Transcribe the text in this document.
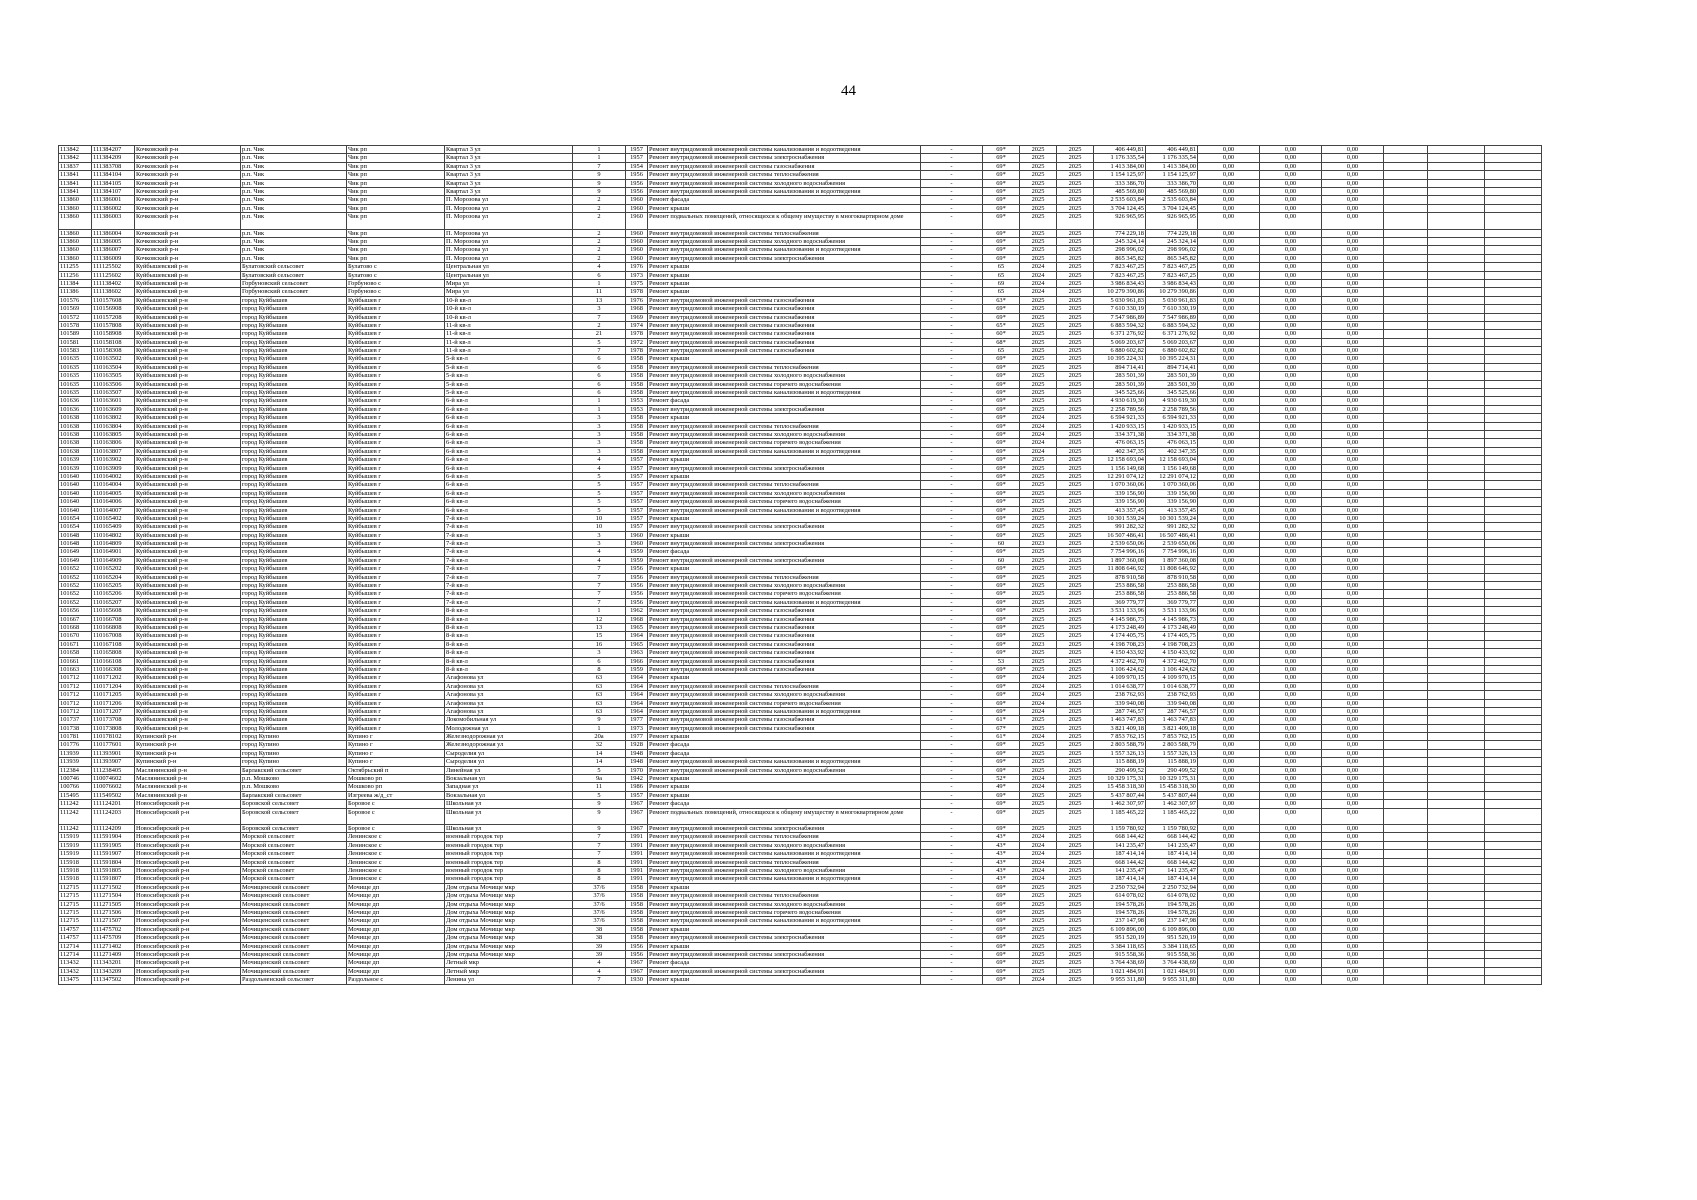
44
113842	111384207	Кочковский р-н	р.п. Чик	Чик рп	Квартал 3 ул	1	1957	Ремонт внутридомовой инженерной системы канализования и водоотведения	-	69*	2025	2025	406 449,81	406 449,81	0,00	0,00	0,00			
113842	111384209	Кочковский р-н	р.п. Чик	Чик рп	Квартал 3 ул	1	1957	Ремонт внутридомовой инженерной системы электроснабжения	-	69*	2025	2025	1 176 335,54	1 176 335,54	0,00	0,00	0,00			
113837	111383708	Кочковский р-н	р.п. Чик	Чик рп	Квартал 3 ул	7	1954	Ремонт внутридомовой инженерной системы газоснабжения	-	69*	2025	2025	1 413 384,00	1 413 384,00	0,00	0,00	0,00			
113841	111384104	Кочковский р-н	р.п. Чик	Чик рп	Квартал 3 ул	9	1956	Ремонт внутридомовой инженерной системы теплоснабжения	-	69*	2025	2025	1 154 125,97	1 154 125,97	0,00	0,00	0,00			
113841	111384105	Кочковский р-н	р.п. Чик	Чик рп	Квартал 3 ул	9	1956	Ремонт внутридомовой инженерной системы холодного водоснабжения	-	69*	2025	2025	333 386,70	333 386,70	0,00	0,00	0,00			
113841	111384107	Кочковский р-н	р.п. Чик	Чик рп	Квартал 3 ул	9	1956	Ремонт внутридомовой инженерной системы канализования и водоотведения	-	69*	2025	2025	485 569,80	485 569,80	0,00	0,00	0,00			
113860	111386001	Кочковский р-н	р.п. Чик	Чик рп	П. Морозова ул	2	1960	Ремонт фасада	-	69*	2025	2025	2 535 603,84	2 535 603,84	0,00	0,00	0,00			
113860	111386002	Кочковский р-н	р.п. Чик	Чик рп	П. Морозова ул	2	1960	Ремонт крыши	-	69*	2025	2025	3 704 124,45	3 704 124,45	0,00	0,00	0,00			
113860	111386003	Кочковский р-н	р.п. Чик	Чик рп	П. Морозова ул	2	1960	Ремонт подвальных помещений, относящихся к общему имуществу в многоквартирном доме	-	69*	2025	2025	926 965,95	926 965,95	0,00	0,00	0,00			
113860	111386004	Кочковский р-н	р.п. Чик	Чик рп	П. Морозова ул	2	1960	Ремонт внутридомовой инженерной системы теплоснабжения	-	69*	2025	2025	774 229,18	774 229,18	0,00	0,00	0,00			
113860	111386005	Кочковский р-н	р.п. Чик	Чик рп	П. Морозова ул	2	1960	Ремонт внутридомовой инженерной системы холодного водоснабжения	-	69*	2025	2025	245 324,14	245 324,14	0,00	0,00	0,00			
113860	111386007	Кочковский р-н	р.п. Чик	Чик рп	П. Морозова ул	2	1960	Ремонт внутридомовой инженерной системы канализования и водоотведения	-	69*	2025	2025	298 996,02	298 996,02	0,00	0,00	0,00			
113860	111386009	Кочковский р-н	р.п. Чик	Чик рп	П. Морозова ул	2	1960	Ремонт внутридомовой инженерной системы электроснабжения	-	69*	2025	2025	865 345,82	865 345,82	0,00	0,00	0,00			
111255	111125502	Куйбышевский р-н	Булатовский сельсовет	Булатово с	Центральная ул	4	1976	Ремонт крыши	-	65	2024	2025	7 823 467,25	7 823 467,25	0,00	0,00	0,00			
111256	111125602	Куйбышевский р-н	Булатовский сельсовет	Булатово с	Центральная ул	6	1973	Ремонт крыши	-	65	2024	2025	7 823 467,25	7 823 467,25	0,00	0,00	0,00			
111384	111138402	Куйбышевский р-н	Горбуновский сельсовет	Горбуново с	Мира ул	1	1975	Ремонт крыши	-	69	2024	2025	3 986 834,43	3 986 834,43	0,00	0,00	0,00			
111386	111138602	Куйбышевский р-н	Горбуновский сельсовет	Горбуново с	Мира ул	11	1978	Ремонт крыши	-	65	2024	2025	10 279 390,86	10 279 390,86	0,00	0,00	0,00			
101576	110157608	Куйбышевский р-н	город Куйбышев	Куйбышев г	10-й кв-л	13	1976	Ремонт внутридомовой инженерной системы газоснабжения	-	63*	2025	2025	5 030 961,83	5 030 961,83	0,00	0,00	0,00			
101569	110156908	Куйбышевский р-н	город Куйбышев	Куйбышев г	10-й кв-л	3	1968	Ремонт внутридомовой инженерной системы газоснабжения	-	69*	2025	2025	7 610 330,19	7 610 330,19	0,00	0,00	0,00			
101572	110157208	Куйбышевский р-н	город Куйбышев	Куйбышев г	10-й кв-л	7	1969	Ремонт внутридомовой инженерной системы газоснабжения	-	69*	2025	2025	7 547 986,89	7 547 986,89	0,00	0,00	0,00			
101578	110157808	Куйбышевский р-н	город Куйбышев	Куйбышев г	11-й кв-л	2	1974	Ремонт внутридомовой инженерной системы газоснабжения	-	65*	2025	2025	6 883 594,32	6 883 594,32	0,00	0,00	0,00			
101589	110158908	Куйбышевский р-н	город Куйбышев	Куйбышев г	11-й кв-л	21	1978	Ремонт внутридомовой инженерной системы газоснабжения	-	60*	2025	2025	6 371 276,92	6 371 276,92	0,00	0,00	0,00			
101581	110158108	Куйбышевский р-н	город Куйбышев	Куйбышев г	11-й кв-л	5	1972	Ремонт внутридомовой инженерной системы газоснабжения	-	68*	2025	2025	5 069 203,67	5 069 203,67	0,00	0,00	0,00			
101583	110158308	Куйбышевский р-н	город Куйбышев	Куйбышев г	11-й кв-л	7	1978	Ремонт внутридомовой инженерной системы газоснабжения	-	65	2025	2025	6 880 602,82	6 880 602,82	0,00	0,00	0,00			
101635	110163502	Куйбышевский р-н	город Куйбышев	Куйбышев г	5-й кв-л	6	1958	Ремонт крыши	-	69*	2025	2025	10 395 224,31	10 395 224,31	0,00	0,00	0,00			
101635	110163504	Куйбышевский р-н	город Куйбышев	Куйбышев г	5-й кв-л	6	1958	Ремонт внутридомовой инженерной системы теплоснабжения	-	69*	2025	2025	894 714,41	894 714,41	0,00	0,00	0,00			
101635	110163505	Куйбышевский р-н	город Куйбышев	Куйбышев г	5-й кв-л	6	1958	Ремонт внутридомовой инженерной системы холодного водоснабжения	-	69*	2025	2025	283 501,39	283 501,39	0,00	0,00	0,00			
101635	110163506	Куйбышевский р-н	город Куйбышев	Куйбышев г	5-й кв-л	6	1958	Ремонт внутридомовой инженерной системы горячего водоснабжения	-	69*	2025	2025	283 501,39	283 501,39	0,00	0,00	0,00			
101635	110163507	Куйбышевский р-н	город Куйбышев	Куйбышев г	5-й кв-л	6	1958	Ремонт внутридомовой инженерной системы канализования и водоотведения	-	69*	2025	2025	345 525,66	345 525,66	0,00	0,00	0,00			
101636	110163601	Куйбышевский р-н	город Куйбышев	Куйбышев г	6-й кв-л	1	1953	Ремонт фасада	-	69*	2025	2025	4 930 619,30	4 930 619,30	0,00	0,00	0,00			
101636	110163609	Куйбышевский р-н	город Куйбышев	Куйбышев г	6-й кв-л	1	1953	Ремонт внутридомовой инженерной системы электроснабжения	-	69*	2025	2025	2 258 789,56	2 258 789,56	0,00	0,00	0,00			
101638	110163802	Куйбышевский р-н	город Куйбышев	Куйбышев г	6-й кв-л	3	1958	Ремонт крыши	-	69*	2024	2025	6 594 921,33	6 594 921,33	0,00	0,00	0,00			
101638	110163804	Куйбышевский р-н	город Куйбышев	Куйбышев г	6-й кв-л	3	1958	Ремонт внутридомовой инженерной системы теплоснабжения	-	69*	2024	2025	1 420 933,15	1 420 933,15	0,00	0,00	0,00			
101638	110163805	Куйбышевский р-н	город Куйбышев	Куйбышев г	6-й кв-л	3	1958	Ремонт внутридомовой инженерной системы холодного водоснабжения	-	69*	2024	2025	334 371,38	334 371,38	0,00	0,00	0,00			
101638	110163806	Куйбышевский р-н	город Куйбышев	Куйбышев г	6-й кв-л	3	1958	Ремонт внутридомовой инженерной системы горячего водоснабжения	-	69*	2024	2025	476 063,15	476 063,15	0,00	0,00	0,00			
101638	110163807	Куйбышевский р-н	город Куйбышев	Куйбышев г	6-й кв-л	3	1958	Ремонт внутридомовой инженерной системы канализования и водоотведения	-	69*	2024	2025	402 347,35	402 347,35	0,00	0,00	0,00			
101639	110163902	Куйбышевский р-н	город Куйбышев	Куйбышев г	6-й кв-л	4	1957	Ремонт крыши	-	69*	2025	2025	12 158 693,04	12 158 693,04	0,00	0,00	0,00			
101639	110163909	Куйбышевский р-н	город Куйбышев	Куйбышев г	6-й кв-л	4	1957	Ремонт внутридомовой инженерной системы электроснабжения	-	69*	2025	2025	1 156 149,68	1 156 149,68	0,00	0,00	0,00			
101640	110164002	Куйбышевский р-н	город Куйбышев	Куйбышев г	6-й кв-л	5	1957	Ремонт крыши	-	69*	2025	2025	12 291 074,12	12 291 074,12	0,00	0,00	0,00			
101640	110164004	Куйбышевский р-н	город Куйбышев	Куйбышев г	6-й кв-л	5	1957	Ремонт внутридомовой инженерной системы теплоснабжения	-	69*	2025	2025	1 070 360,06	1 070 360,06	0,00	0,00	0,00			
101640	110164005	Куйбышевский р-н	город Куйбышев	Куйбышев г	6-й кв-л	5	1957	Ремонт внутридомовой инженерной системы холодного водоснабжения	-	69*	2025	2025	339 156,90	339 156,90	0,00	0,00	0,00			
101640	110164006	Куйбышевский р-н	город Куйбышев	Куйбышев г	6-й кв-л	5	1957	Ремонт внутридомовой инженерной системы горячего водоснабжения	-	69*	2025	2025	339 156,90	339 156,90	0,00	0,00	0,00			
101640	110164007	Куйбышевский р-н	город Куйбышев	Куйбышев г	6-й кв-л	5	1957	Ремонт внутридомовой инженерной системы канализования и водоотведения	-	69*	2025	2025	413 357,45	413 357,45	0,00	0,00	0,00			
101654	110165402	Куйбышевский р-н	город Куйбышев	Куйбышев г	7-й кв-л	10	1957	Ремонт крыши	-	69*	2025	2025	10 301 539,24	10 301 539,24	0,00	0,00	0,00			
101654	110165409	Куйбышевский р-н	город Куйбышев	Куйбышев г	7-й кв-л	10	1957	Ремонт внутридомовой инженерной системы электроснабжения	-	69*	2025	2025	991 282,32	991 282,32	0,00	0,00	0,00			
101648	110164802	Куйбышевский р-н	город Куйбышев	Куйбышев г	7-й кв-л	3	1960	Ремонт крыши	-	69*	2025	2025	16 507 486,41	16 507 486,41	0,00	0,00	0,00			
101648	110164809	Куйбышевский р-н	город Куйбышев	Куйбышев г	7-й кв-л	3	1960	Ремонт внутридомовой инженерной системы электроснабжения	-	60	2023	2025	2 539 650,06	2 539 650,06	0,00	0,00	0,00			
101649	110164901	Куйбышевский р-н	город Куйбышев	Куйбышев г	7-й кв-л	4	1959	Ремонт фасада	-	69*	2025	2025	7 754 996,16	7 754 996,16	0,00	0,00	0,00			
101649	110164909	Куйбышевский р-н	город Куйбышев	Куйбышев г	7-й кв-л	4	1959	Ремонт внутридомовой инженерной системы электроснабжения	-	60	2025	2025	1 897 360,08	1 897 360,08	0,00	0,00	0,00			
101652	110165202	Куйбышевский р-н	город Куйбышев	Куйбышев г	7-й кв-л	7	1956	Ремонт крыши	-	69*	2025	2025	11 808 646,92	11 808 646,92	0,00	0,00	0,00			
101652	110165204	Куйбышевский р-н	город Куйбышев	Куйбышев г	7-й кв-л	7	1956	Ремонт внутридомовой инженерной системы теплоснабжения	-	69*	2025	2025	878 910,58	878 910,58	0,00	0,00	0,00			
101652	110165205	Куйбышевский р-н	город Куйбышев	Куйбышев г	7-й кв-л	7	1956	Ремонт внутридомовой инженерной системы холодного водоснабжения	-	69*	2025	2025	253 886,58	253 886,58	0,00	0,00	0,00			
101652	110165206	Куйбышевский р-н	город Куйбышев	Куйбышев г	7-й кв-л	7	1956	Ремонт внутридомовой инженерной системы горячего водоснабжения	-	69*	2025	2025	253 886,58	253 886,58	0,00	0,00	0,00			
101652	110165207	Куйбышевский р-н	город Куйбышев	Куйбышев г	7-й кв-л	7	1956	Ремонт внутридомовой инженерной системы канализования и водоотведения	-	69*	2025	2025	369 779,77	369 779,77	0,00	0,00	0,00			
101656	110165608	Куйбышевский р-н	город Куйбышев	Куйбышев г	8-й кв-л	1	1962	Ремонт внутридомовой инженерной системы газоснабжения	-	69*	2025	2025	3 531 133,96	3 531 133,96	0,00	0,00	0,00			
101667	110166708	Куйбышевский р-н	город Куйбышев	Куйбышев г	8-й кв-л	12	1968	Ремонт внутридомовой инженерной системы газоснабжения	-	69*	2025	2025	4 145 986,73	4 145 986,73	0,00	0,00	0,00			
101668	110166808	Куйбышевский р-н	город Куйбышев	Куйбышев г	8-й кв-л	13	1965	Ремонт внутридомовой инженерной системы газоснабжения	-	69*	2025	2025	4 173 248,49	4 173 248,49	0,00	0,00	0,00			
101670	110167008	Куйбышевский р-н	город Куйбышев	Куйбышев г	8-й кв-л	15	1964	Ремонт внутридомовой инженерной системы газоснабжения	-	69*	2025	2025	4 174 405,75	4 174 405,75	0,00	0,00	0,00			
101671	110167108	Куйбышевский р-н	город Куйбышев	Куйбышев г	8-й кв-л	16	1965	Ремонт внутридомовой инженерной системы газоснабжения	-	69*	2023	2025	4 198 708,23	4 198 708,23	0,00	0,00	0,00			
101658	110165808	Куйбышевский р-н	город Куйбышев	Куйбышев г	8-й кв-л	3	1963	Ремонт внутридомовой инженерной системы газоснабжения	-	69*	2025	2025	4 150 433,92	4 150 433,92	0,00	0,00	0,00			
101661	110166108	Куйбышевский р-н	город Куйбышев	Куйбышев г	8-й кв-л	6	1966	Ремонт внутридомовой инженерной системы газоснабжения	-	53	2025	2025	4 372 462,70	4 372 462,70	0,00	0,00	0,00			
101663	110166308	Куйбышевский р-н	город Куйбышев	Куйбышев г	8-й кв-л	8	1959	Ремонт внутридомовой инженерной системы газоснабжения	-	69*	2025	2025	1 106 424,62	1 106 424,62	0,00	0,00	0,00			
101712	110171202	Куйбышевский р-н	город Куйбышев	Куйбышев г	Агафонова ул	63	1964	Ремонт крыши	-	69*	2024	2025	4 109 970,15	4 109 970,15	0,00	0,00	0,00			
101712	110171204	Куйбышевский р-н	город Куйбышев	Куйбышев г	Агафонова ул	63	1964	Ремонт внутридомовой инженерной системы теплоснабжения	-	69*	2024	2025	1 014 638,77	1 014 638,77	0,00	0,00	0,00			
101712	110171205	Куйбышевский р-н	город Куйбышев	Куйбышев г	Агафонова ул	63	1964	Ремонт внутридомовой инженерной системы холодного водоснабжения	-	69*	2024	2025	238 762,93	238 762,93	0,00	0,00	0,00			
101712	110171206	Куйбышевский р-н	город Куйбышев	Куйбышев г	Агафонова ул	63	1964	Ремонт внутридомовой инженерной системы горячего водоснабжения	-	69*	2024	2025	339 940,08	339 940,08	0,00	0,00	0,00			
101712	110171207	Куйбышевский р-н	город Куйбышев	Куйбышев г	Агафонова ул	63	1964	Ремонт внутридомовой инженерной системы канализования и водоотведения	-	69*	2024	2025	287 746,57	287 746,57	0,00	0,00	0,00			
101737	110173708	Куйбышевский р-н	город Куйбышев	Куйбышев г	Локомобильная ул	9	1977	Ремонт внутридомовой инженерной системы газоснабжения	-	61*	2025	2025	1 463 747,83	1 463 747,83	0,00	0,00	0,00			
101738	110173808	Куйбышевский р-н	город Куйбышев	Куйбышев г	Молодежная ул	1	1973	Ремонт внутридомовой инженерной системы газоснабжения	-	67*	2025	2025	3 821 409,18	3 821 409,18	0,00	0,00	0,00			
101781	110178102	Купинский р-н	город Купино	Купино г	Железнодорожная ул	20а	1977	Ремонт крыши	-	61*	2024	2025	7 853 762,15	7 853 762,15	0,00	0,00	0,00			
101776	110177601	Купинский р-н	город Купино	Купино г	Железнодорожная ул	32	1928	Ремонт фасада	-	69*	2025	2025	2 803 588,79	2 803 588,79	0,00	0,00	0,00			
113939	111393901	Купинский р-н	город Купино	Купино г	Сыроделия ул	14	1948	Ремонт фасада	-	69*	2025	2025	1 557 326,13	1 557 326,13	0,00	0,00	0,00			
113939	111393907	Купинский р-н	город Купино	Купино г	Сыроделия ул	14	1948	Ремонт внутридомовой инженерной системы канализования и водоотведения	-	69*	2025	2025	115 888,19	115 888,19	0,00	0,00	0,00			
112384	111238405	Маслянинский р-н	Барлакский сельсовет	Октябрьский п	Линейная ул	5	1970	Ремонт внутридомовой инженерной системы холодного водоснабжения	-	69*	2025	2025	290 499,52	290 499,52	0,00	0,00	0,00			
100746	110074602	Маслянинский р-н	р.п. Мошково	Мошково рп	Вокзальная ул	9а	1942	Ремонт крыши	-	52*	2024	2025	10 329 175,31	10 329 175,31	0,00	0,00	0,00			
100766	110076602	Маслянинский р-н	р.п. Мошково	Мошково рп	Западная ул	11	1986	Ремонт крыши	-	49*	2024	2025	15 458 318,30	15 458 318,30	0,00	0,00	0,00			
115495	111549502	Маслянинский р-н	Барлакский сельсовет	Изгреева ж/д_ст	Вокзальная ул	5	1957	Ремонт крыши	-	69*	2025	2025	5 437 807,44	5 437 807,44	0,00	0,00	0,00			
111242	111124201	Новосибирский р-н	Боровской сельсовет	Боровое с	Школьная ул	9	1967	Ремонт фасада	-	69*	2025	2025	1 462 307,97	1 462 307,97	0,00	0,00	0,00			
111242	111124203	Новосибирский р-н	Боровской сельсовет	Боровое с	Школьная ул	9	1967	Ремонт подвальных помещений, относящихся к общему имуществу в многоквартирном доме	-	69*	2025	2025	1 185 465,22	1 185 465,22	0,00	0,00	0,00			
111242	111124209	Новосибирский р-н	Боровской сельсовет	Боровое с	Школьная ул	9	1967	Ремонт внутридомовой инженерной системы электроснабжения	-	69*	2025	2025	1 159 780,92	1 159 780,92	0,00	0,00	0,00			
115919	111591904	Новосибирский р-н	Морской сельсовет	Ленинское с	военный городок тер	7	1991	Ремонт внутридомовой инженерной системы теплоснабжения	-	43*	2024	2025	668 144,42	668 144,42	0,00	0,00	0,00			
115919	111591905	Новосибирский р-н	Морской сельсовет	Ленинское с	военный городок тер	7	1991	Ремонт внутридомовой инженерной системы холодного водоснабжения	-	43*	2024	2025	141 235,47	141 235,47	0,00	0,00	0,00			
115919	111591907	Новосибирский р-н	Морской сельсовет	Ленинское с	военный городок тер	7	1991	Ремонт внутридомовой инженерной системы канализования и водоотведения	-	43*	2024	2025	187 414,14	187 414,14	0,00	0,00	0,00			
115918	111591804	Новосибирский р-н	Морской сельсовет	Ленинское с	военный городок тер	8	1991	Ремонт внутридомовой инженерной системы теплоснабжения	-	43*	2024	2025	668 144,42	668 144,42	0,00	0,00	0,00			
115918	111591805	Новосибирский р-н	Морской сельсовет	Ленинское с	военный городок тер	8	1991	Ремонт внутридомовой инженерной системы холодного водоснабжения	-	43*	2024	2025	141 235,47	141 235,47	0,00	0,00	0,00			
115918	111591807	Новосибирский р-н	Морской сельсовет	Ленинское с	военный городок тер	8	1991	Ремонт внутридомовой инженерной системы канализования и водоотведения	-	43*	2024	2025	187 414,14	187 414,14	0,00	0,00	0,00			
112715	111271502	Новосибирский р-н	Мочищенский сельсовет	Мочище дп	Дом отдыха Мочище мкр	37/6	1958	Ремонт крыши	-	69*	2025	2025	2 250 732,94	2 250 732,94	0,00	0,00	0,00			
112715	111271504	Новосибирский р-н	Мочищенский сельсовет	Мочище дп	Дом отдыха Мочище мкр	37/6	1958	Ремонт внутридомовой инженерной системы теплоснабжения	-	69*	2025	2025	614 078,02	614 078,02	0,00	0,00	0,00			
112715	111271505	Новосибирский р-н	Мочищенский сельсовет	Мочище дп	Дом отдыха Мочище мкр	37/6	1958	Ремонт внутридомовой инженерной системы холодного водоснабжения	-	69*	2025	2025	194 578,26	194 578,26	0,00	0,00	0,00			
112715	111271506	Новосибирский р-н	Мочищенский сельсовет	Мочище дп	Дом отдыха Мочище мкр	37/6	1958	Ремонт внутридомовой инженерной системы горячего водоснабжения	-	69*	2025	2025	194 578,26	194 578,26	0,00	0,00	0,00			
112715	111271507	Новосибирский р-н	Мочищенский сельсовет	Мочище дп	Дом отдыха Мочище мкр	37/6	1958	Ремонт внутридомовой инженерной системы канализования и водоотведения	-	69*	2025	2025	237 147,98	237 147,98	0,00	0,00	0,00			
114757	111475702	Новосибирский р-н	Мочищенский сельсовет	Мочище дп	Дом отдыха Мочище мкр	38	1958	Ремонт крыши	-	69*	2025	2025	6 109 896,00	6 109 896,00	0,00	0,00	0,00			
114757	111475709	Новосибирский р-н	Мочищенский сельсовет	Мочище дп	Дом отдыха Мочище мкр	38	1958	Ремонт внутридомовой инженерной системы электроснабжения	-	69*	2025	2025	951 520,19	951 520,19	0,00	0,00	0,00			
112714	111271402	Новосибирский р-н	Мочищенский сельсовет	Мочище дп	Дом отдыха Мочище мкр	39	1956	Ремонт крыши	-	69*	2025	2025	3 384 118,65	3 384 118,65	0,00	0,00	0,00			
112714	111271409	Новосибирский р-н	Мочищенский сельсовет	Мочище дп	Дом отдыха Мочище мкр	39	1956	Ремонт внутридомовой инженерной системы электроснабжения	-	69*	2025	2025	915 558,36	915 558,36	0,00	0,00	0,00			
113432	111343201	Новосибирский р-н	Мочищенский сельсовет	Мочище дп	Летный мкр	4	1967	Ремонт фасада	-	69*	2025	2025	3 764 438,69	3 764 438,69	0,00	0,00	0,00			
113432	111343209	Новосибирский р-н	Мочищенский сельсовет	Мочище дп	Летный мкр	4	1967	Ремонт внутридомовой инженерной системы электроснабжения	-	69*	2025	2025	1 021 484,91	1 021 484,91	0,00	0,00	0,00			
113475	111347502	Новосибирский р-н	Раздольненский сельсовет	Раздольное с	Ленина ул	7	1930	Ремонт крыши	-	69*	2024	2025	9 955 311,80	9 955 311,80	0,00	0,00	0,00			
